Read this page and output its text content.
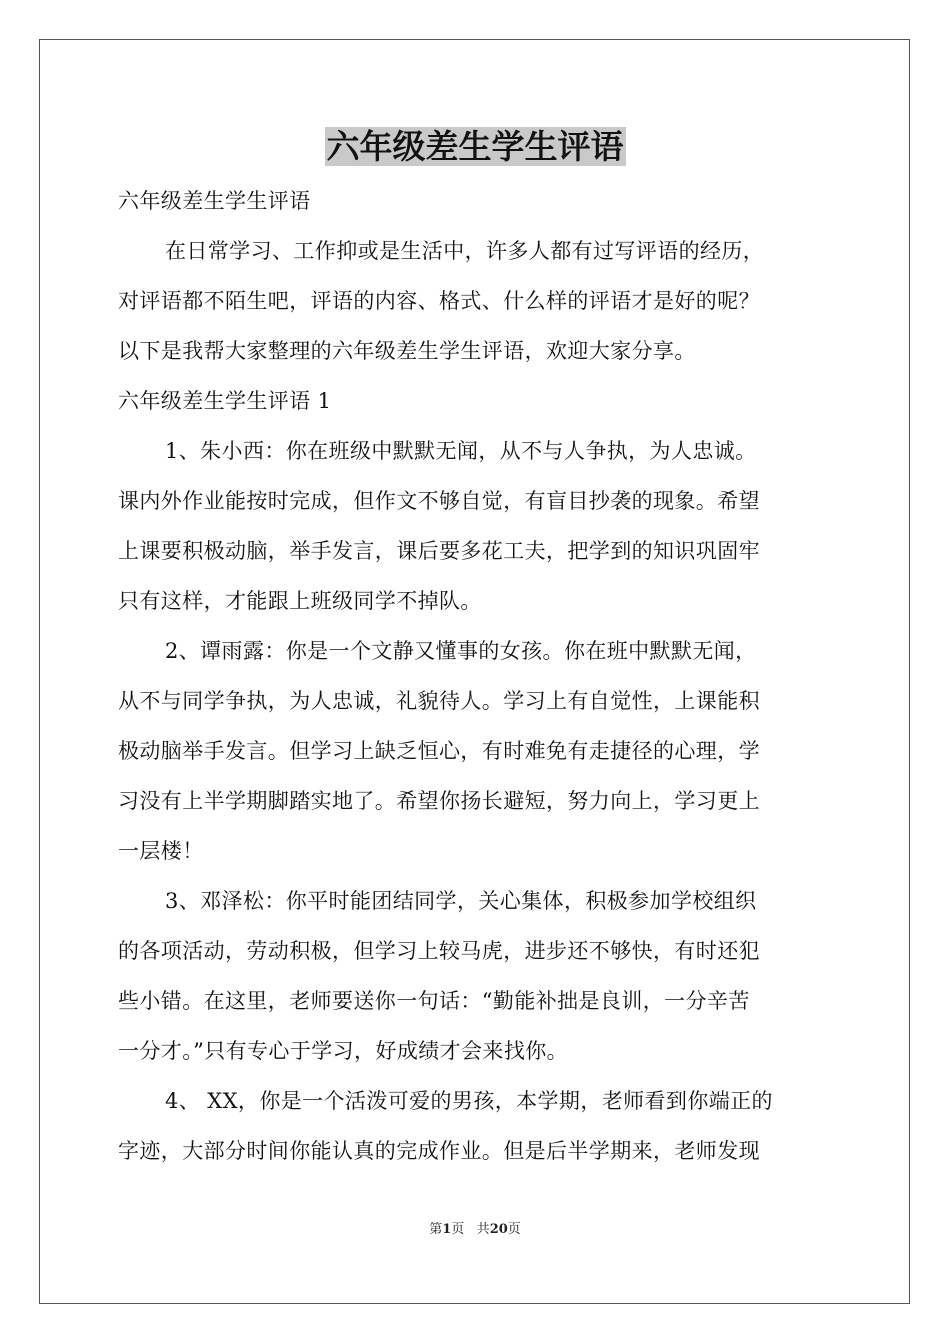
六年级差生学生评语
六年级差生学生评语
在日常学习、工作抑或是生活中，许多人都有过写评语的经历，
对评语都不陌生吧，评语的内容、格式、什么样的评语才是好的呢？
以下是我帮大家整理的六年级差生学生评语，欢迎大家分享。
六年级差生学生评语 1
1、朱小西：你在班级中默默无闻，从不与人争执，为人忠诚。
课内外作业能按时完成，但作文不够自觉，有盲目抄袭的现象。希望
上课要积极动脑，举手发言，课后要多花工夫，把学到的知识巩固牢
只有这样，才能跟上班级同学不掉队。
2、谭雨露：你是一个文静又懂事的女孩。你在班中默默无闻，
从不与同学争执，为人忠诚，礼貌待人。学习上有自觉性，上课能积
极动脑举手发言。但学习上缺乏恒心，有时难免有走捷径的心理，学
习没有上半学期脚踏实地了。希望你扬长避短，努力向上，学习更上
一层楼！
3、邓泽松：你平时能团结同学，关心集体，积极参加学校组织
的各项活动，劳动积极，但学习上较马虎，进步还不够快，有时还犯
些小错。在这里，老师要送你一句话：“勤能补拙是良训，一分辛苦
一分才。”只有专心于学习，好成绩才会来找你。
4、 XX，你是一个活泼可爱的男孩，本学期，老师看到你端正的
字迹，大部分时间你能认真的完成作业。但是后半学期来，老师发现
第1页 共20页
